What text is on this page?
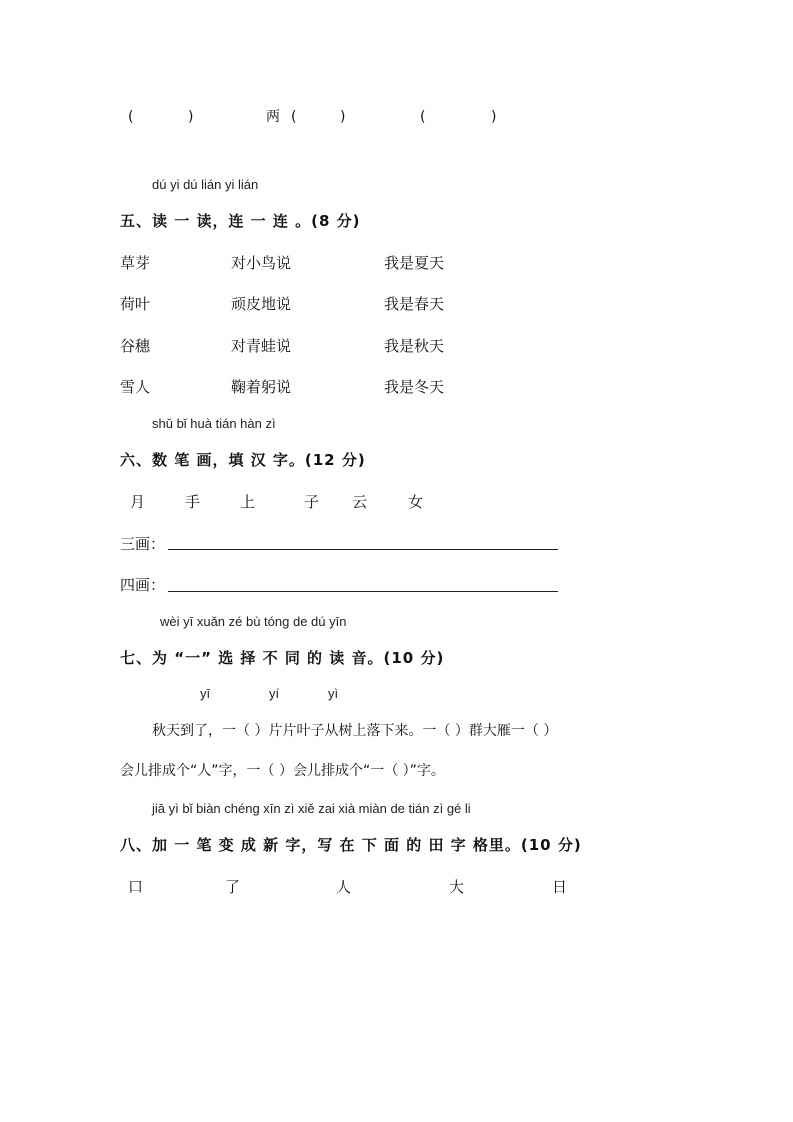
(	)	两 (	)	(	)
dú yi dú lián yi lián
五、读 一 读，连 一 连 。(8 分)
草芽	对小鸟说	我是夏天
荷叶	顽皮地说	我是春天
谷穗	对青蛙说	我是秋天
雪人	鞠着躬说	我是冬天
shǔ bǐ huà tián hàn zì
六、数 笔 画，填 汉 字。(12 分)
月	手	上	子 云	女
三画：
四画：
wèi yī xuǎn zé bù tóng de dú yīn
七、为 “一” 选 择 不 同 的 读 音。(10 分)
yī	yí	yì
秋天到了，一（ ）片片叶子从树上落下来。一（ ）群大雁一（ ）
会儿排成个“人”字，一（ ）会儿排成个“一（ ）”字。
jiā yì bǐ biàn chéng xīn zì xiě zai xià miàn de tián zì gé li
八、加 一 笔 变 成 新 字，写 在 下 面 的 田 字 格里。(10 分)
口	了	人	大	日
